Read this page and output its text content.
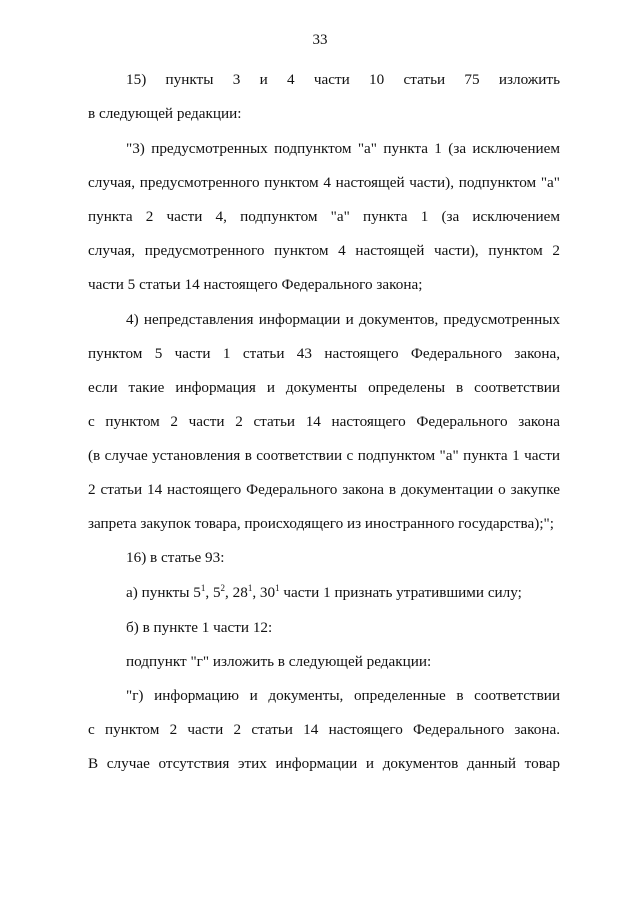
33
15)   пункты   3   и   4   части   10   статьи   75   изложить
в следующей редакции:
"3) предусмотренных подпунктом "а" пункта 1 (за исключением
случая, предусмотренного пунктом 4 настоящей части), подпунктом "а"
пункта 2 части 4, подпунктом "а" пункта 1 (за исключением
случая, предусмотренного пунктом 4 настоящей части), пунктом 2
части 5 статьи 14 настоящего Федерального закона;
4) непредставления информации и документов, предусмотренных
пунктом 5 части 1 статьи 43 настоящего Федерального закона,
если такие информация и документы определены в соответствии
с пунктом 2 части 2 статьи 14 настоящего Федерального закона
(в случае установления в соответствии с подпунктом "а" пункта 1 части
2 статьи 14 настоящего Федерального закона в документации о закупке
запрета закупок товара, происходящего из иностранного государства);";
16) в статье 93:
а) пункты $5^1$, $5^2$, $28^1$, $30^1$ части 1 признать утратившими силу;
б) в пункте 1 части 12:
подпункт "г" изложить в следующей редакции:
"г) информацию и документы, определенные в соответствии
с пунктом 2 части 2 статьи 14 настоящего Федерального закона.
В случае отсутствия этих информации и документов данный товар
